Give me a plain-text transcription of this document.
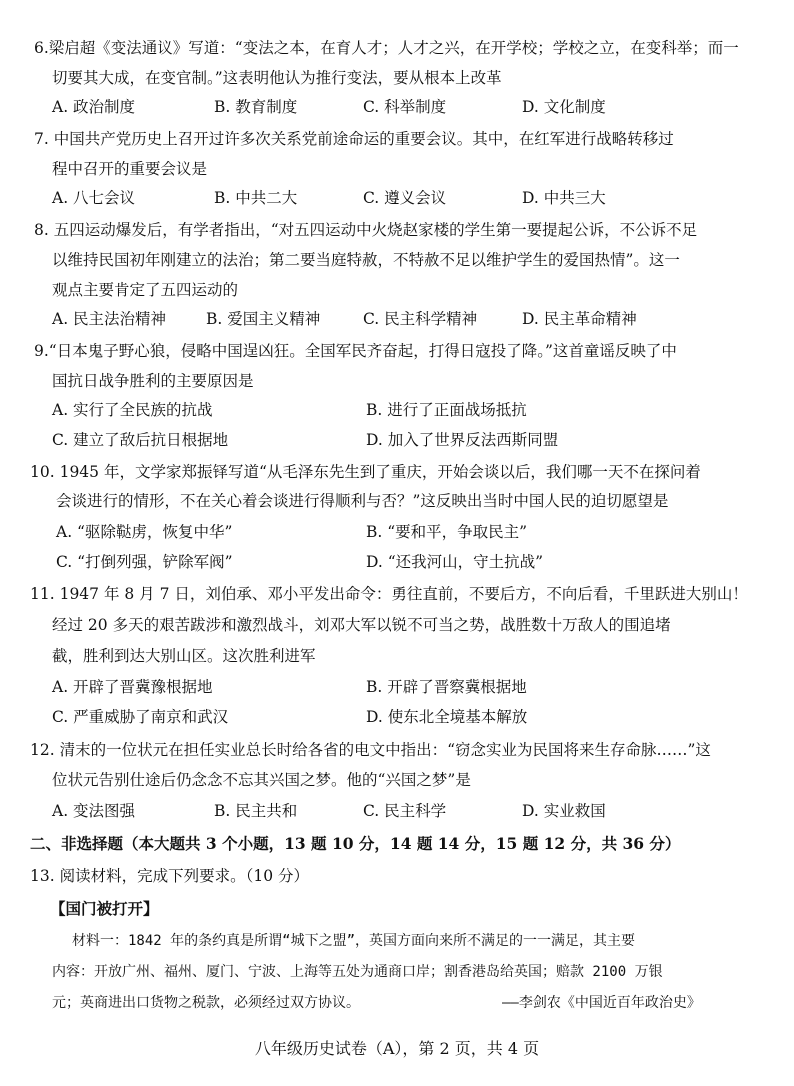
6.梁启超《变法通议》写道：“变法之本，在育人才；人才之兴，在开学校；学校之立，在变科举；而一
切要其大成，在变官制。”这表明他认为推行变法，要从根本上改革
A. 政治制度	B. 教育制度	C. 科举制度	D. 文化制度
7. 中国共产党历史上召开过许多次关系党前途命运的重要会议。其中，在红军进行战略转移过
程中召开的重要会议是
A. 八七会议	B. 中共二大	C. 遵义会议	D. 中共三大
8. 五四运动爆发后，有学者指出，“对五四运动中火烧赵家楼的学生第一要提起公诉，不公诉不足
以维持民国初年刚建立的法治；第二要当庭特赦，不特赦不足以维护学生的爱国热情”。这一
观点主要肯定了五四运动的
A. 民主法治精神	B. 爱国主义精神	C. 民主科学精神	D. 民主革命精神
9.“日本鬼子野心狼，侵略中国逞凶狂。全国军民齐奋起，打得日寇投了降。”这首童谣反映了中
国抗日战争胜利的主要原因是
A. 实行了全民族的抗战	B. 进行了正面战场抵抗
C. 建立了敌后抗日根据地	D. 加入了世界反法西斯同盟
10. 1945 年，文学家郑振铎写道“从毛泽东先生到了重庆，开始会谈以后，我们哪一天不在探问着
会谈进行的情形，不在关心着会谈进行得顺利与否？”这反映出当时中国人民的迫切愿望是
A. “驱除鞑虏，恢复中华”	B. “要和平，争取民主”
C. “打倒列强，铲除军阀”	D. “还我河山，守土抗战”
11. 1947 年 8 月 7 日，刘伯承、邓小平发出命令：勇往直前，不要后方，不向后看，千里跃进大别山！
经过 20 多天的艰苦跋涉和激烈战斗，刘邓大军以锐不可当之势，战胜数十万敌人的围追堵
截，胜利到达大别山区。这次胜利进军
A. 开辟了晋冀豫根据地	B. 开辟了晋察冀根据地
C. 严重威胁了南京和武汉	D. 使东北全境基本解放
12. 清末的一位状元在担任实业总长时给各省的电文中指出：“窃念实业为民国将来生存命脉……”这
位状元告别仕途后仍念念不忘其兴国之梦。他的“兴国之梦”是
A. 变法图强	B. 民主共和	C. 民主科学	D. 实业救国
二、非选择题（本大题共 3 个小题，13 题 10 分，14 题 14 分，15 题 12 分，共 36 分）
13. 阅读材料，完成下列要求。（10 分）
【国门被打开】
材料一：1842 年的条约真是所谓“城下之盟”，英国方面向来所不满足的一一满足，其主要
内容：开放广州、福州、厦门、宁波、上海等五处为通商口岸；割香港岛给英国；赔款 2100 万银
元；英商进出口货物之税款，必须经过双方协议。	——李剑农《中国近百年政治史》
八年级历史试卷（A），第 2 页，共 4 页
